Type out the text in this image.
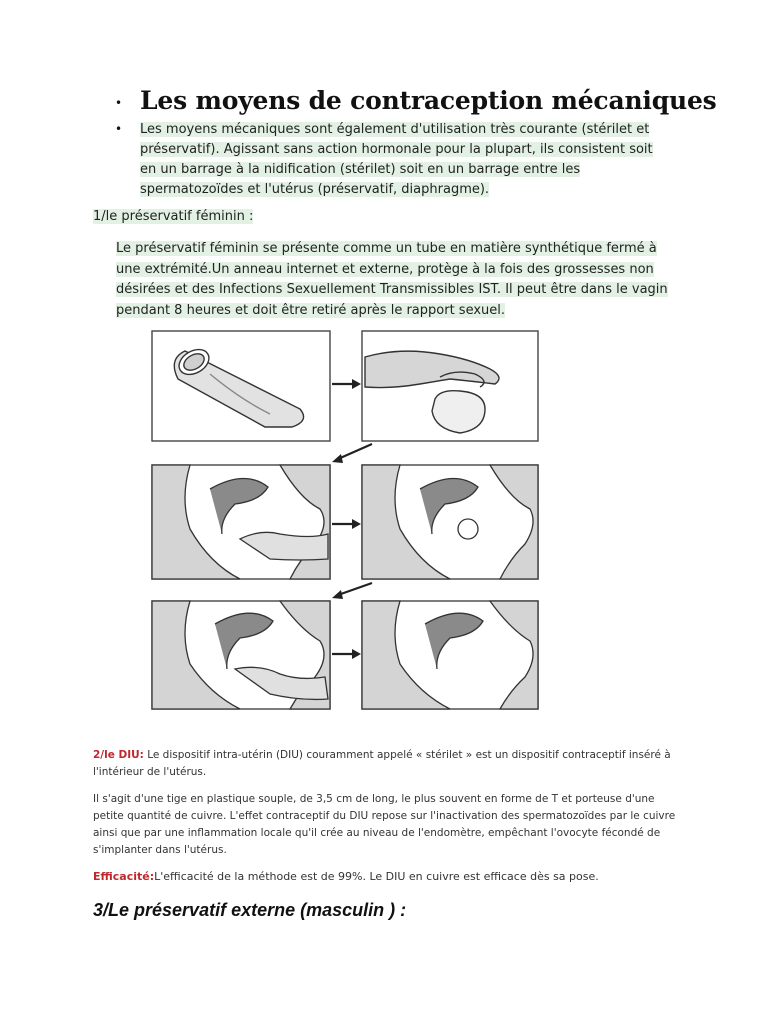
• Les moyens de contraception mécaniques
• Les moyens mécaniques sont également d'utilisation très courante (stérilet et préservatif). Agissant sans action hormonale pour la plupart, ils consistent soit en un barrage à la nidification (stérilet) soit en un barrage entre les spermatozoïdes et l'utérus (préservatif, diaphragme).
1/le préservatif féminin :
Le préservatif féminin se présente comme un tube en matière synthétique fermé à une extrémité.Un anneau internet et externe, protège à la fois des grossesses non désirées et des Infections Sexuellement Transmissibles IST. Il peut être dans le vagin pendant 8 heures et doit être retiré après le rapport sexuel.
2/le DIU: Le dispositif intra-utérin (DIU) couramment appelé « stérilet » est un dispositif contraceptif inséré à l'intérieur de l'utérus.
Il s'agit d'une tige en plastique souple, de 3,5 cm de long, le plus souvent en forme de T et porteuse d'une petite quantité de cuivre. L'effet contraceptif du DIU repose sur l'inactivation des spermatozoïdes par le cuivre ainsi que par une inflammation locale qu'il crée au niveau de l'endomètre, empêchant l'ovocyte fécondé de s'implanter dans l'utérus.
Efficacité:L'efficacité de la méthode est de 99%. Le DIU en cuivre est efficace dès sa pose.
3/Le préservatif externe (masculin ) :
